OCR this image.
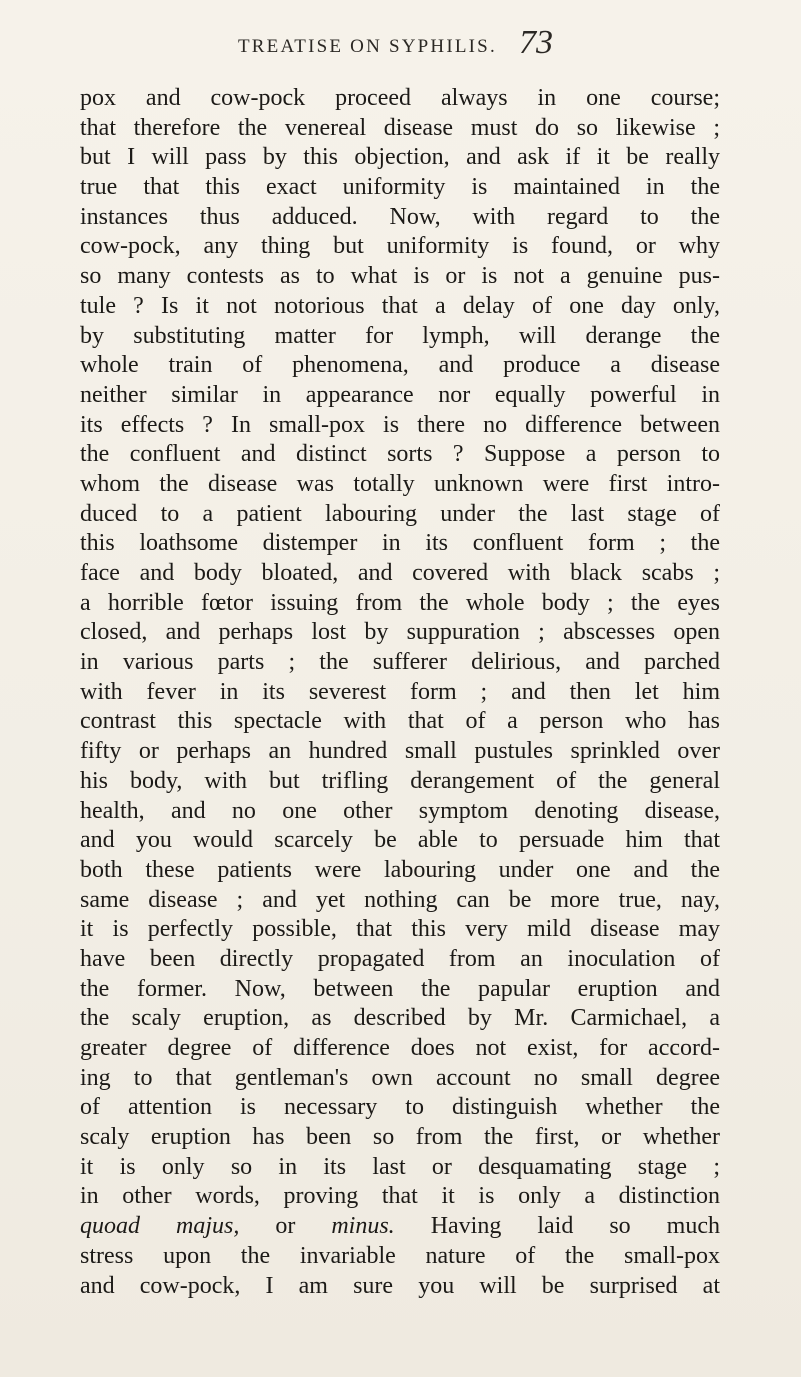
TREATISE ON SYPHILIS. 73
pox and cow-pock proceed always in one course;
that therefore the venereal disease must do so likewise ;
but I will pass by this objection, and ask if it be really
true that this exact uniformity is maintained in the
instances thus adduced. Now, with regard to the
cow-pock, any thing but uniformity is found, or why
so many contests as to what is or is not a genuine pus-
tule ? Is it not notorious that a delay of one day only,
by substituting matter for lymph, will derange the
whole train of phenomena, and produce a disease
neither similar in appearance nor equally powerful in
its effects ? In small-pox is there no difference between
the confluent and distinct sorts ? Suppose a person to
whom the disease was totally unknown were first intro-
duced to a patient labouring under the last stage of
this loathsome distemper in its confluent form ; the
face and body bloated, and covered with black scabs ;
a horrible fœtor issuing from the whole body ; the eyes
closed, and perhaps lost by suppuration ; abscesses open
in various parts ; the sufferer delirious, and parched
with fever in its severest form ; and then let him
contrast this spectacle with that of a person who has
fifty or perhaps an hundred small pustules sprinkled over
his body, with but trifling derangement of the general
health, and no one other symptom denoting disease,
and you would scarcely be able to persuade him that
both these patients were labouring under one and the
same disease ; and yet nothing can be more true, nay,
it is perfectly possible, that this very mild disease may
have been directly propagated from an inoculation of
the former. Now, between the papular eruption and
the scaly eruption, as described by Mr. Carmichael, a
greater degree of difference does not exist, for accord-
ing to that gentleman's own account no small degree
of attention is necessary to distinguish whether the
scaly eruption has been so from the first, or whether
it is only so in its last or desquamating stage ;
in other words, proving that it is only a distinction
quoad majus, or minus. Having laid so much
stress upon the invariable nature of the small-pox
and cow-pock, I am sure you will be surprised at
